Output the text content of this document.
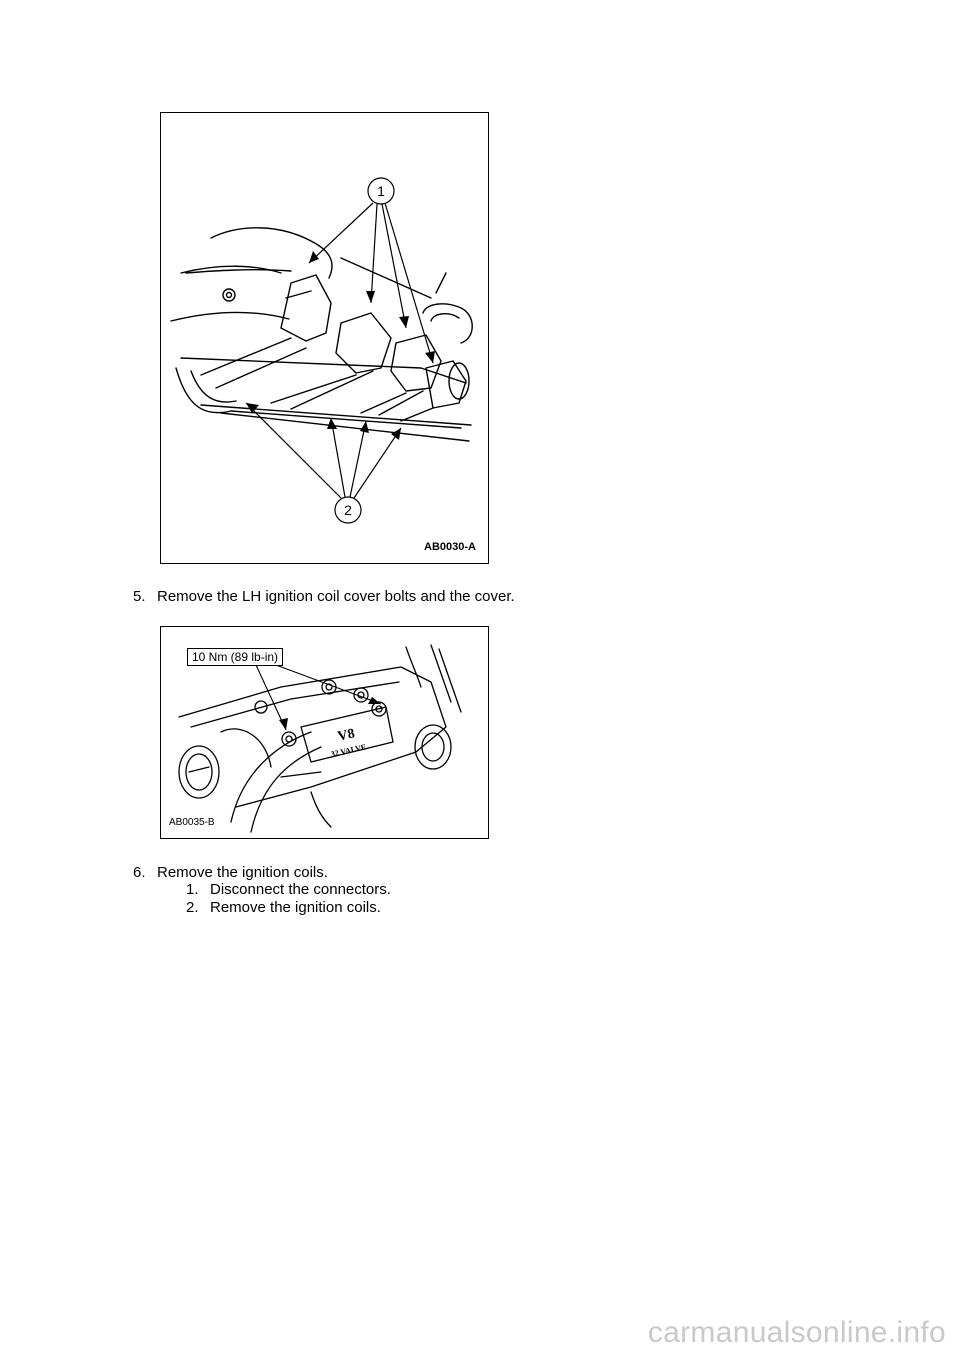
1
2
AB0030-A
5. Remove the LH ignition coil cover bolts and the cover.
V8
32 VALVE
10 Nm (89 lb-in)
AB0035-B
6. Remove the ignition coils.
1. Disconnect the connectors.
2. Remove the ignition coils.
carmanualsonline.info
